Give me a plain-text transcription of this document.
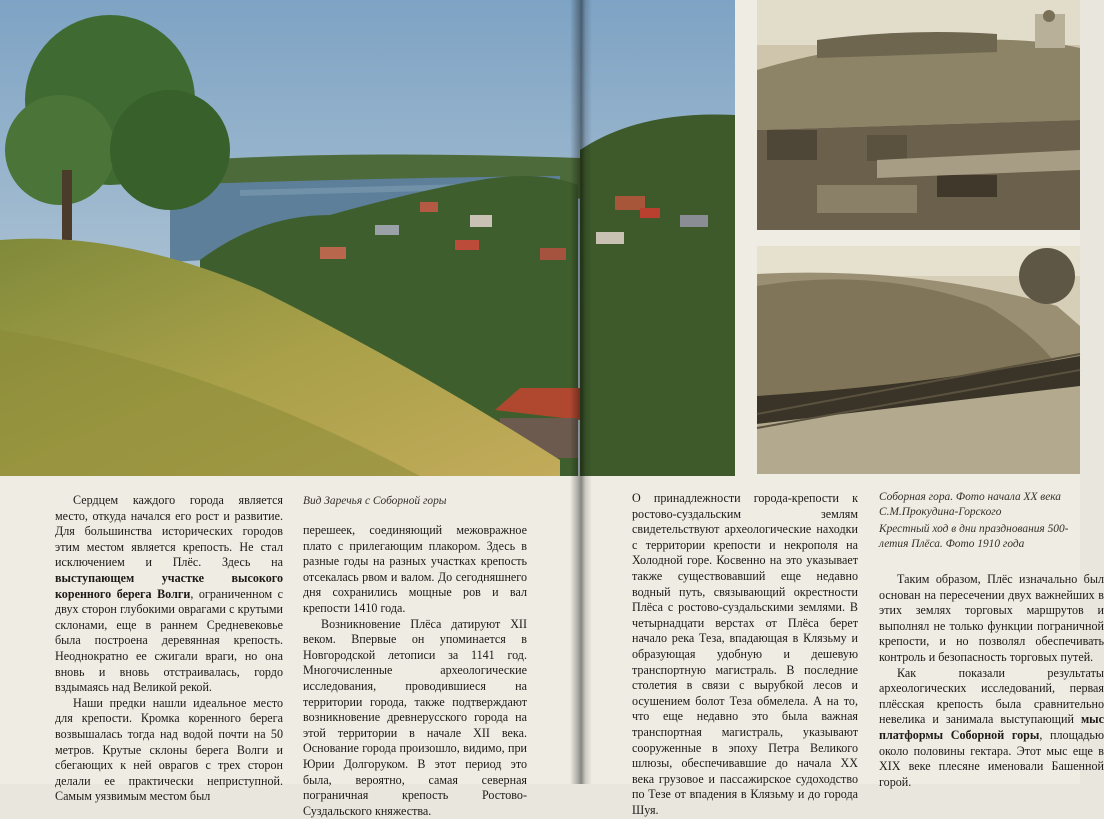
Сердцем каждого города является место, откуда начался его рост и развитие. Для большинства исторических городов этим местом является крепость. Не стал исключением и Плёс. Здесь на выступающем участке высокого коренного берега Волги, ограниченном с двух сторон глубокими оврагами с крутыми склонами, еще в раннем Средневековье была построена деревянная крепость. Неоднократно ее сжигали враги, но она вновь и вновь отстраивалась, гордо вздымаясь над Великой рекой.

Наши предки нашли идеальное место для крепости. Кромка коренного берега возвышалась тогда над водой почти на 50 метров. Крутые склоны берега Волги и сбегающих к ней оврагов с трех сторон делали ее практически неприступной. Самым уязвимым местом был

Вид Заречья с Соборной горы

перешеек, соединяющий межовражное плато с прилегающим плакором. Здесь в разные годы на разных участках крепость отсекалась рвом и валом. До сегодняшнего дня сохранились мощные ров и вал крепости 1410 года.

Возникновение Плёса датируют XII веком. Впервые он упоминается в Новгородской летописи за 1141 год. Многочисленные археологические исследования, проводившиеся на территории города, также подтверждают возникновение древнерусского города на этой территории в начале XII века. Основание города произошло, видимо, при Юрии Долгоруком. В этот период это была, вероятно, самая северная пограничная крепость Ростово-Суздальского княжества.

О принадлежности города-крепости к ростово-суздальским землям свидетельствуют археологические находки с территории крепости и некрополя на Холодной горе. Косвенно на это указывает также существовавший еще недавно водный путь, связывающий окрестности Плёса с ростово-суздальскими землями. В четырнадцати верстах от Плёса берет начало река Теза, впадающая в Клязьму и образующая удобную и дешевую транспортную магистраль. В последние столетия в связи с вырубкой лесов и осушением болот Теза обмелела. А на то, что еще недавно это была важная транспортная магистраль, указывают сооруженные в эпоху Петра Великого шлюзы, обеспечивавшие до начала XX века грузовое и пассажирское судоходство по Тезе от впадения в Клязьму и до города Шуя.

Соборная гора. Фото начала XX века С.М.Прокудина-Горского
Крестный ход в дни празднования 500-летия Плёса. Фото 1910 года

Таким образом, Плёс изначально был основан на пересечении двух важнейших в этих землях торговых маршрутов и выполнял не только функции пограничной крепости, и но позволял обеспечивать контроль и безопасность торговых путей.

Как показали результаты археологических исследований, первая плёсская крепость была сравнительно невелика и занимала выступающий мыс платформы Соборной горы, площадью около половины гектара. Этот мыс еще в XIX веке плесяне именовали Башенной горой.
